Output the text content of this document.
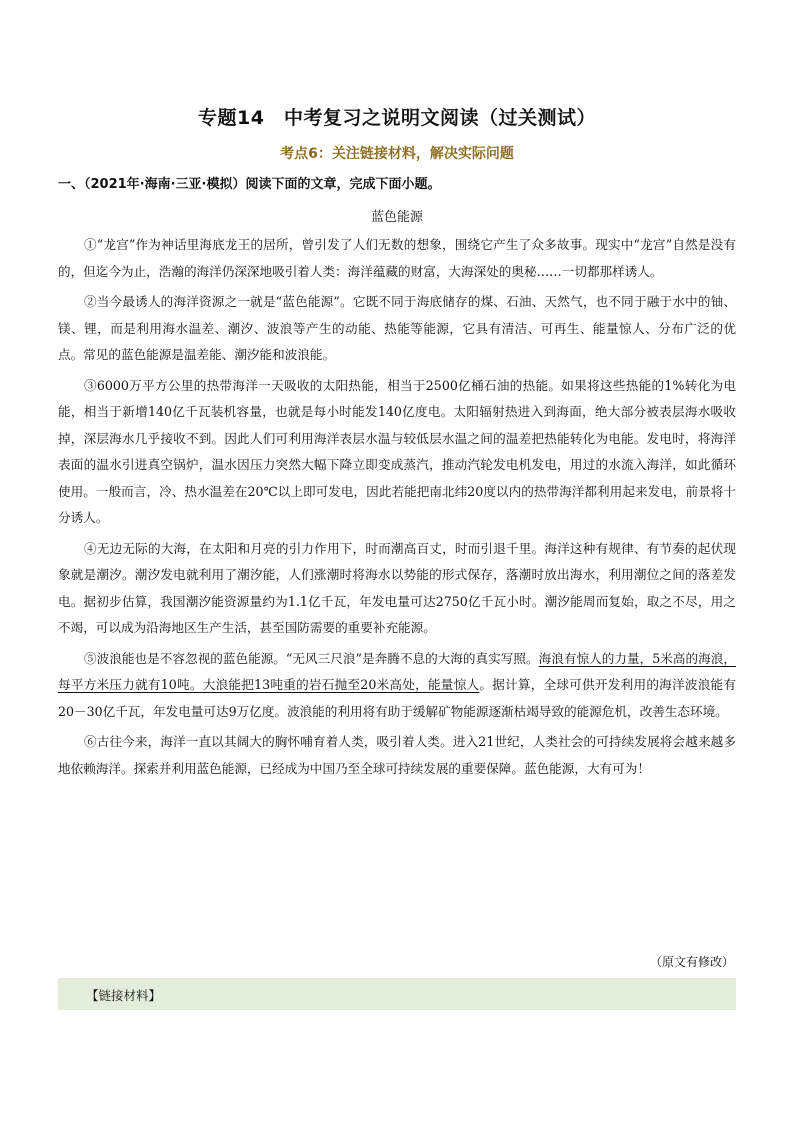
专题14　中考复习之说明文阅读（过关测试）
考点6：关注链接材料，解决实际问题
一、（2021年·海南·三亚·模拟）阅读下面的文章，完成下面小题。
蓝色能源

①“龙宫”作为神话里海底龙王的居所，曾引发了人们无数的想象，围绕它产生了众多故事。现实中“龙宫”自然是没有的，但迄今为止，浩瀚的海洋仍深深地吸引着人类：海洋蕴藏的财富，大海深处的奥秘……一切都那样诱人。

②当今最诱人的海洋资源之一就是“蓝色能源”。它既不同于海底储存的煤、石油、天然气，也不同于融于水中的铀、镁、锂，而是利用海水温差、潮汐、波浪等产生的动能、热能等能源，它具有清洁、可再生、能量惊人、分布广泛的优点。常见的蓝色能源是温差能、潮汐能和波浪能。

③6000万平方公里的热带海洋一天吸收的太阳热能，相当于2500亿桶石油的热能。如果将这些热能的1%转化为电能，相当于新增140亿千瓦装机容量，也就是每小时能发140亿度电。太阳辐射热进入到海面，绝大部分被表层海水吸收掉，深层海水几乎接收不到。因此人们可利用海洋表层水温与较低层水温之间的温差把热能转化为电能。发电时，将海洋表面的温水引进真空锅炉，温水因压力突然大幅下降立即变成蒸汽，推动汽轮发电机发电，用过的水流入海洋，如此循环使用。一般而言，冷、热水温差在20℃以上即可发电，因此若能把南北纬20度以内的热带海洋都利用起来发电，前景将十分诱人。

④无边无际的大海，在太阳和月亮的引力作用下，时而潮高百丈，时而引退千里。海洋这种有规律、有节奏的起伏现象就是潮汐。潮汐发电就利用了潮汐能，人们涨潮时将海水以势能的形式保存，落潮时放出海水，利用潮位之间的落差发电。据初步估算，我国潮汐能资源量约为1.1亿千瓦，年发电量可达2750亿千瓦小时。潮汐能周而复始，取之不尽，用之不竭，可以成为沿海地区生产生活，甚至国防需要的重要补充能源。

⑤波浪能也是不容忽视的蓝色能源。“无风三尺浪”是奔腾不息的大海的真实写照。海浪有惊人的力量，5米高的海浪，每平方米压力就有10吨。大浪能把13吨重的岩石抛至20米高处，能量惊人。据计算，全球可供开发利用的海洋波浪能有20－30亿千瓦，年发电量可达9万亿度。波浪能的利用将有助于缓解矿物能源逐渐枯竭导致的能源危机，改善生态环境。

⑥古往今来，海洋一直以其阔大的胸怀哺育着人类，吸引着人类。进入21世纪，人类社会的可持续发展将会越来越多地依赖海洋。探索并利用蓝色能源，已经成为中国乃至全球可持续发展的重要保障。蓝色能源，大有可为！

（原文有修改）
【链接材料】
